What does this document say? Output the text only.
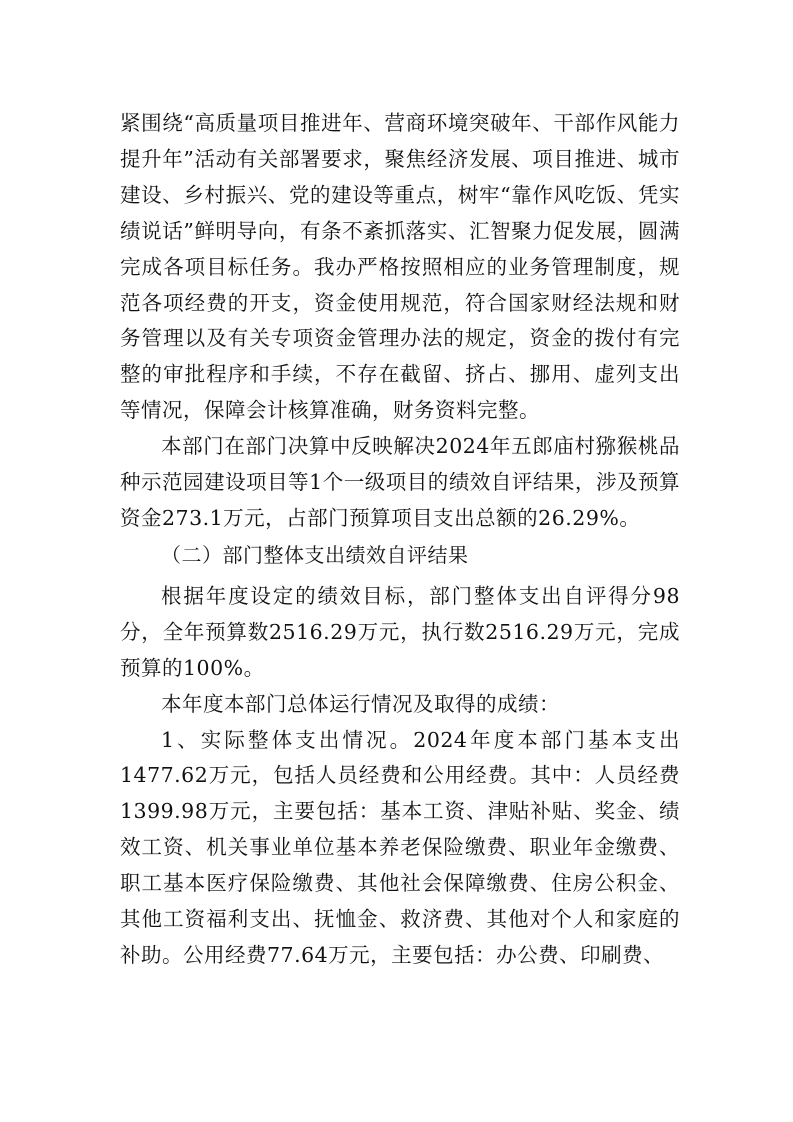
紧围绕“高质量项目推进年、营商环境突破年、干部作风能力提升年”活动有关部署要求，聚焦经济发展、项目推进、城市建设、乡村振兴、党的建设等重点，树牢“靠作风吃饭、凭实绩说话”鲜明导向，有条不紊抓落实、汇智聚力促发展，圆满完成各项目标任务。我办严格按照相应的业务管理制度，规范各项经费的开支，资金使用规范，符合国家财经法规和财务管理以及有关专项资金管理办法的规定，资金的拨付有完整的审批程序和手续，不存在截留、挤占、挪用、虚列支出等情况，保障会计核算准确，财务资料完整。

本部门在部门决算中反映解决2024年五郎庙村猕猴桃品种示范园建设项目等1个一级项目的绩效自评结果，涉及预算资金273.1万元，占部门预算项目支出总额的26.29%。

（二）部门整体支出绩效自评结果

根据年度设定的绩效目标，部门整体支出自评得分98分，全年预算数2516.29万元，执行数2516.29万元，完成预算的100%。

本年度本部门总体运行情况及取得的成绩：

1、实际整体支出情况。2024年度本部门基本支出1477.62万元，包括人员经费和公用经费。其中：人员经费1399.98万元，主要包括：基本工资、津贴补贴、奖金、绩效工资、机关事业单位基本养老保险缴费、职业年金缴费、职工基本医疗保险缴费、其他社会保障缴费、住房公积金、其他工资福利支出、抚恤金、救济费、其他对个人和家庭的补助。公用经费77.64万元，主要包括：办公费、印刷费、
